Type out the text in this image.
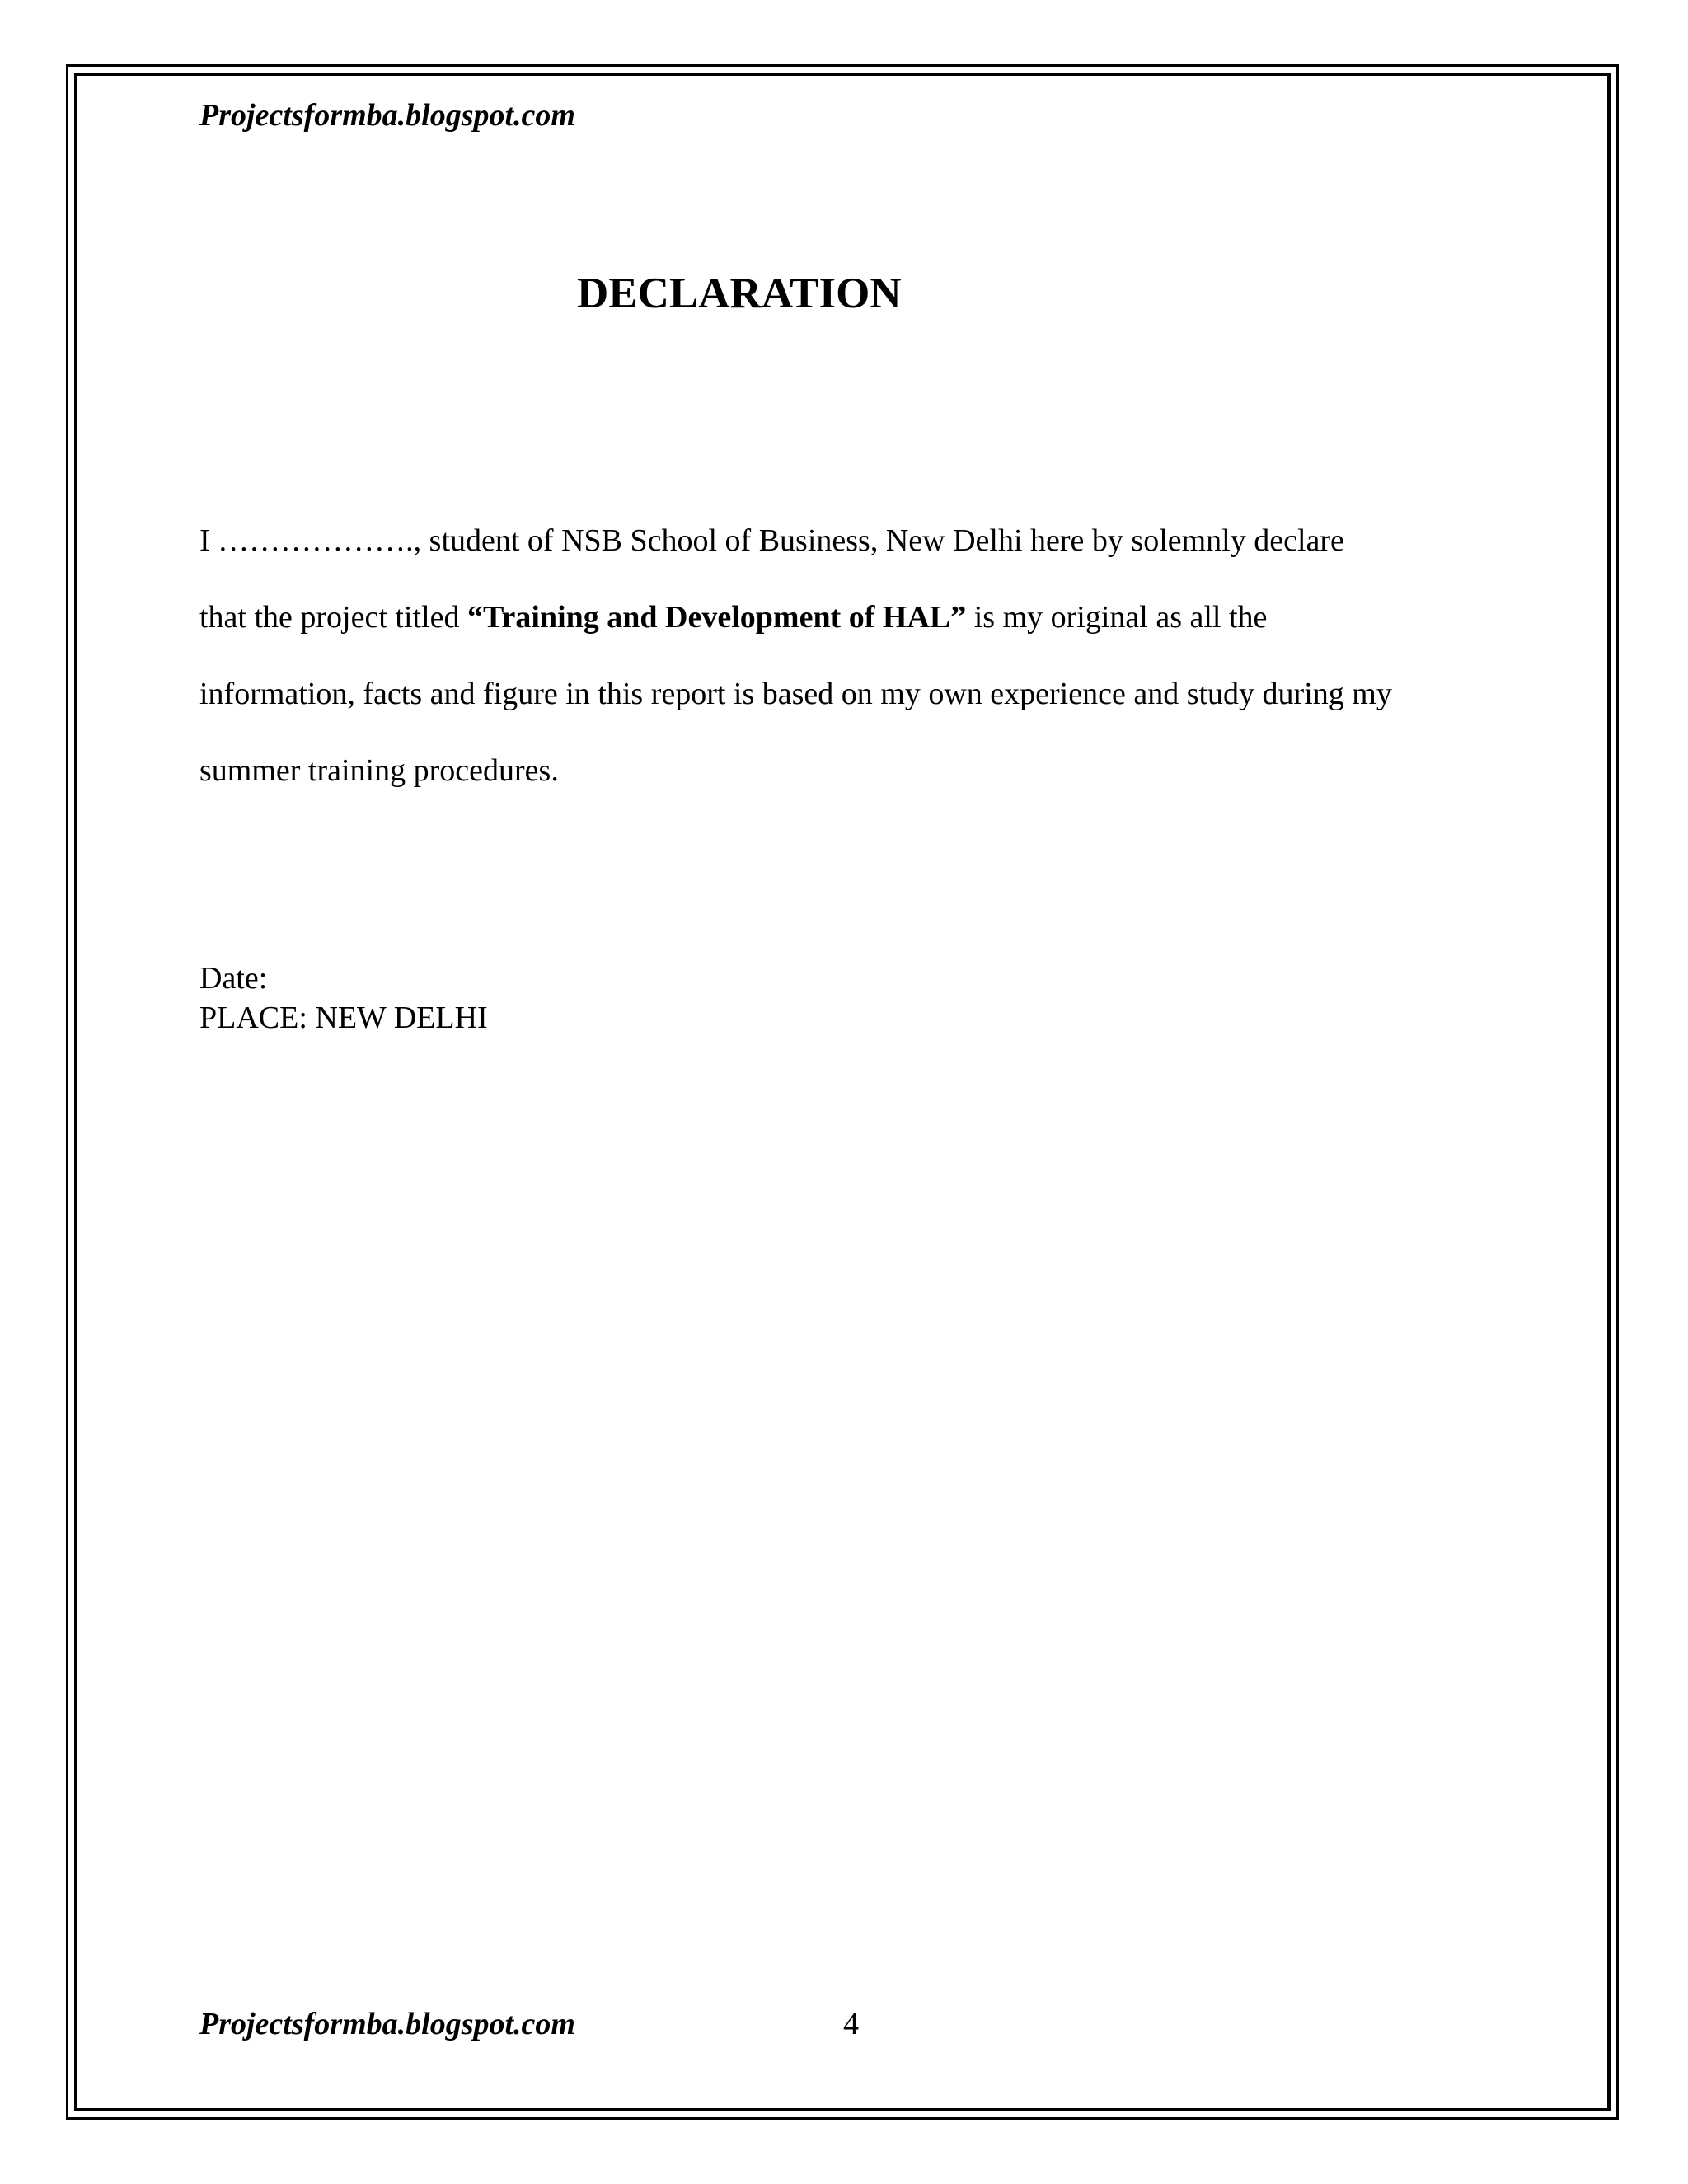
Projectsformba.blogspot.com
DECLARATION
I ………………., student of NSB School of Business, New Delhi here by solemnly declare
that the project titled “Training and Development of HAL” is my original as all the
information, facts and figure in this report is based on my own experience and study during my
summer training procedures.
Date:
PLACE: NEW DELHI
Projectsformba.blogspot.com	4
